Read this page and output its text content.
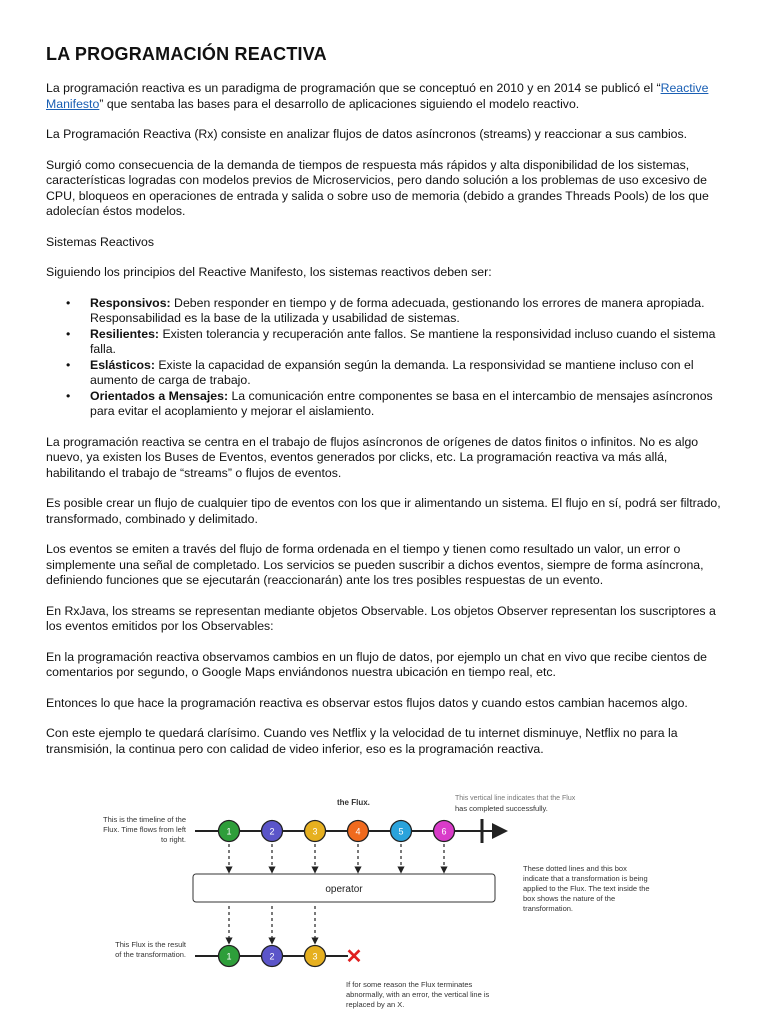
LA PROGRAMACIÓN REACTIVA

La programación reactiva es un paradigma de programación que se conceptuó en 2010 y en 2014 se publicó el “Reactive Manifesto” que sentaba las bases para el desarrollo de aplicaciones siguiendo el modelo reactivo.

La Programación Reactiva (Rx) consiste en analizar flujos de datos asíncronos (streams) y reaccionar a sus cambios.

Surgió como consecuencia de la demanda de tiempos de respuesta más rápidos y alta disponibilidad de los sistemas, características logradas con modelos previos de Microservicios, pero dando solución a los problemas de uso excesivo de CPU, bloqueos en operaciones de entrada y salida o sobre uso de memoria (debido a grandes Threads Pools) de los que adolecían éstos modelos.

Sistemas Reactivos

Siguiendo los principios del Reactive Manifesto, los sistemas reactivos deben ser:

• Responsivos: Deben responder en tiempo y de forma adecuada, gestionando los errores de manera apropiada. Responsabilidad es la base de la utilizada y usabilidad de sistemas.
• Resilientes: Existen tolerancia y recuperación ante fallos. Se mantiene la responsividad incluso cuando el sistema falla.
• Eslásticos: Existe la capacidad de expansión según la demanda. La responsividad se mantiene incluso con el aumento de carga de trabajo.
• Orientados a Mensajes: La comunicación entre componentes se basa en el intercambio de mensajes asíncronos para evitar el acoplamiento y mejorar el aislamiento.

La programación reactiva se centra en el trabajo de flujos asíncronos de orígenes de datos finitos o infinitos. No es algo nuevo, ya existen los Buses de Eventos, eventos generados por clicks, etc. La programación reactiva va más allá, habilitando el trabajo de “streams” o flujos de eventos.

Es posible crear un flujo de cualquier tipo de eventos con los que ir alimentando un sistema. El flujo en sí, podrá ser filtrado, transformado, combinado y delimitado.

Los eventos se emiten a través del flujo de forma ordenada en el tiempo y tienen como resultado un valor, un error o simplemente una señal de completado. Los servicios se pueden suscribir a dichos eventos, siempre de forma asíncrona, definiendo funciones que se ejecutarán (reaccionarán) ante los tres posibles respuestas de un evento.

En RxJava, los streams se representan mediante objetos Observable. Los objetos Observer representan los suscriptores a los eventos emitidos por los Observables:

En la programación reactiva observamos cambios en un flujo de datos, por ejemplo un chat en vivo que recibe cientos de comentarios por segundo, o Google Maps enviándonos nuestra ubicación en tiempo real, etc.

Entonces lo que hace la programación reactiva es observar estos flujos datos y cuando estos cambian hacemos algo.

Con este ejemplo te quedará clarísimo. Cuando ves Netflix y la velocidad de tu internet disminuye, Netflix no para la transmisión, la continua pero con calidad de video inferior, eso es la programación reactiva.

the Flux.	This vertical line indicates that the Flux
has completed successfully.
This is the timeline of the
Flux. Time flows from left
to right.
1	2	3	4	5	6
operator
These dotted lines and this box
indicate that a transformation is being
applied to the Flux. The text inside the
box shows the nature of the
transformation.
This Flux is the result
of the transformation.	1	2	3 ✕
If for some reason the Flux terminates
abnormally, with an error, the vertical line is
replaced by an X.
